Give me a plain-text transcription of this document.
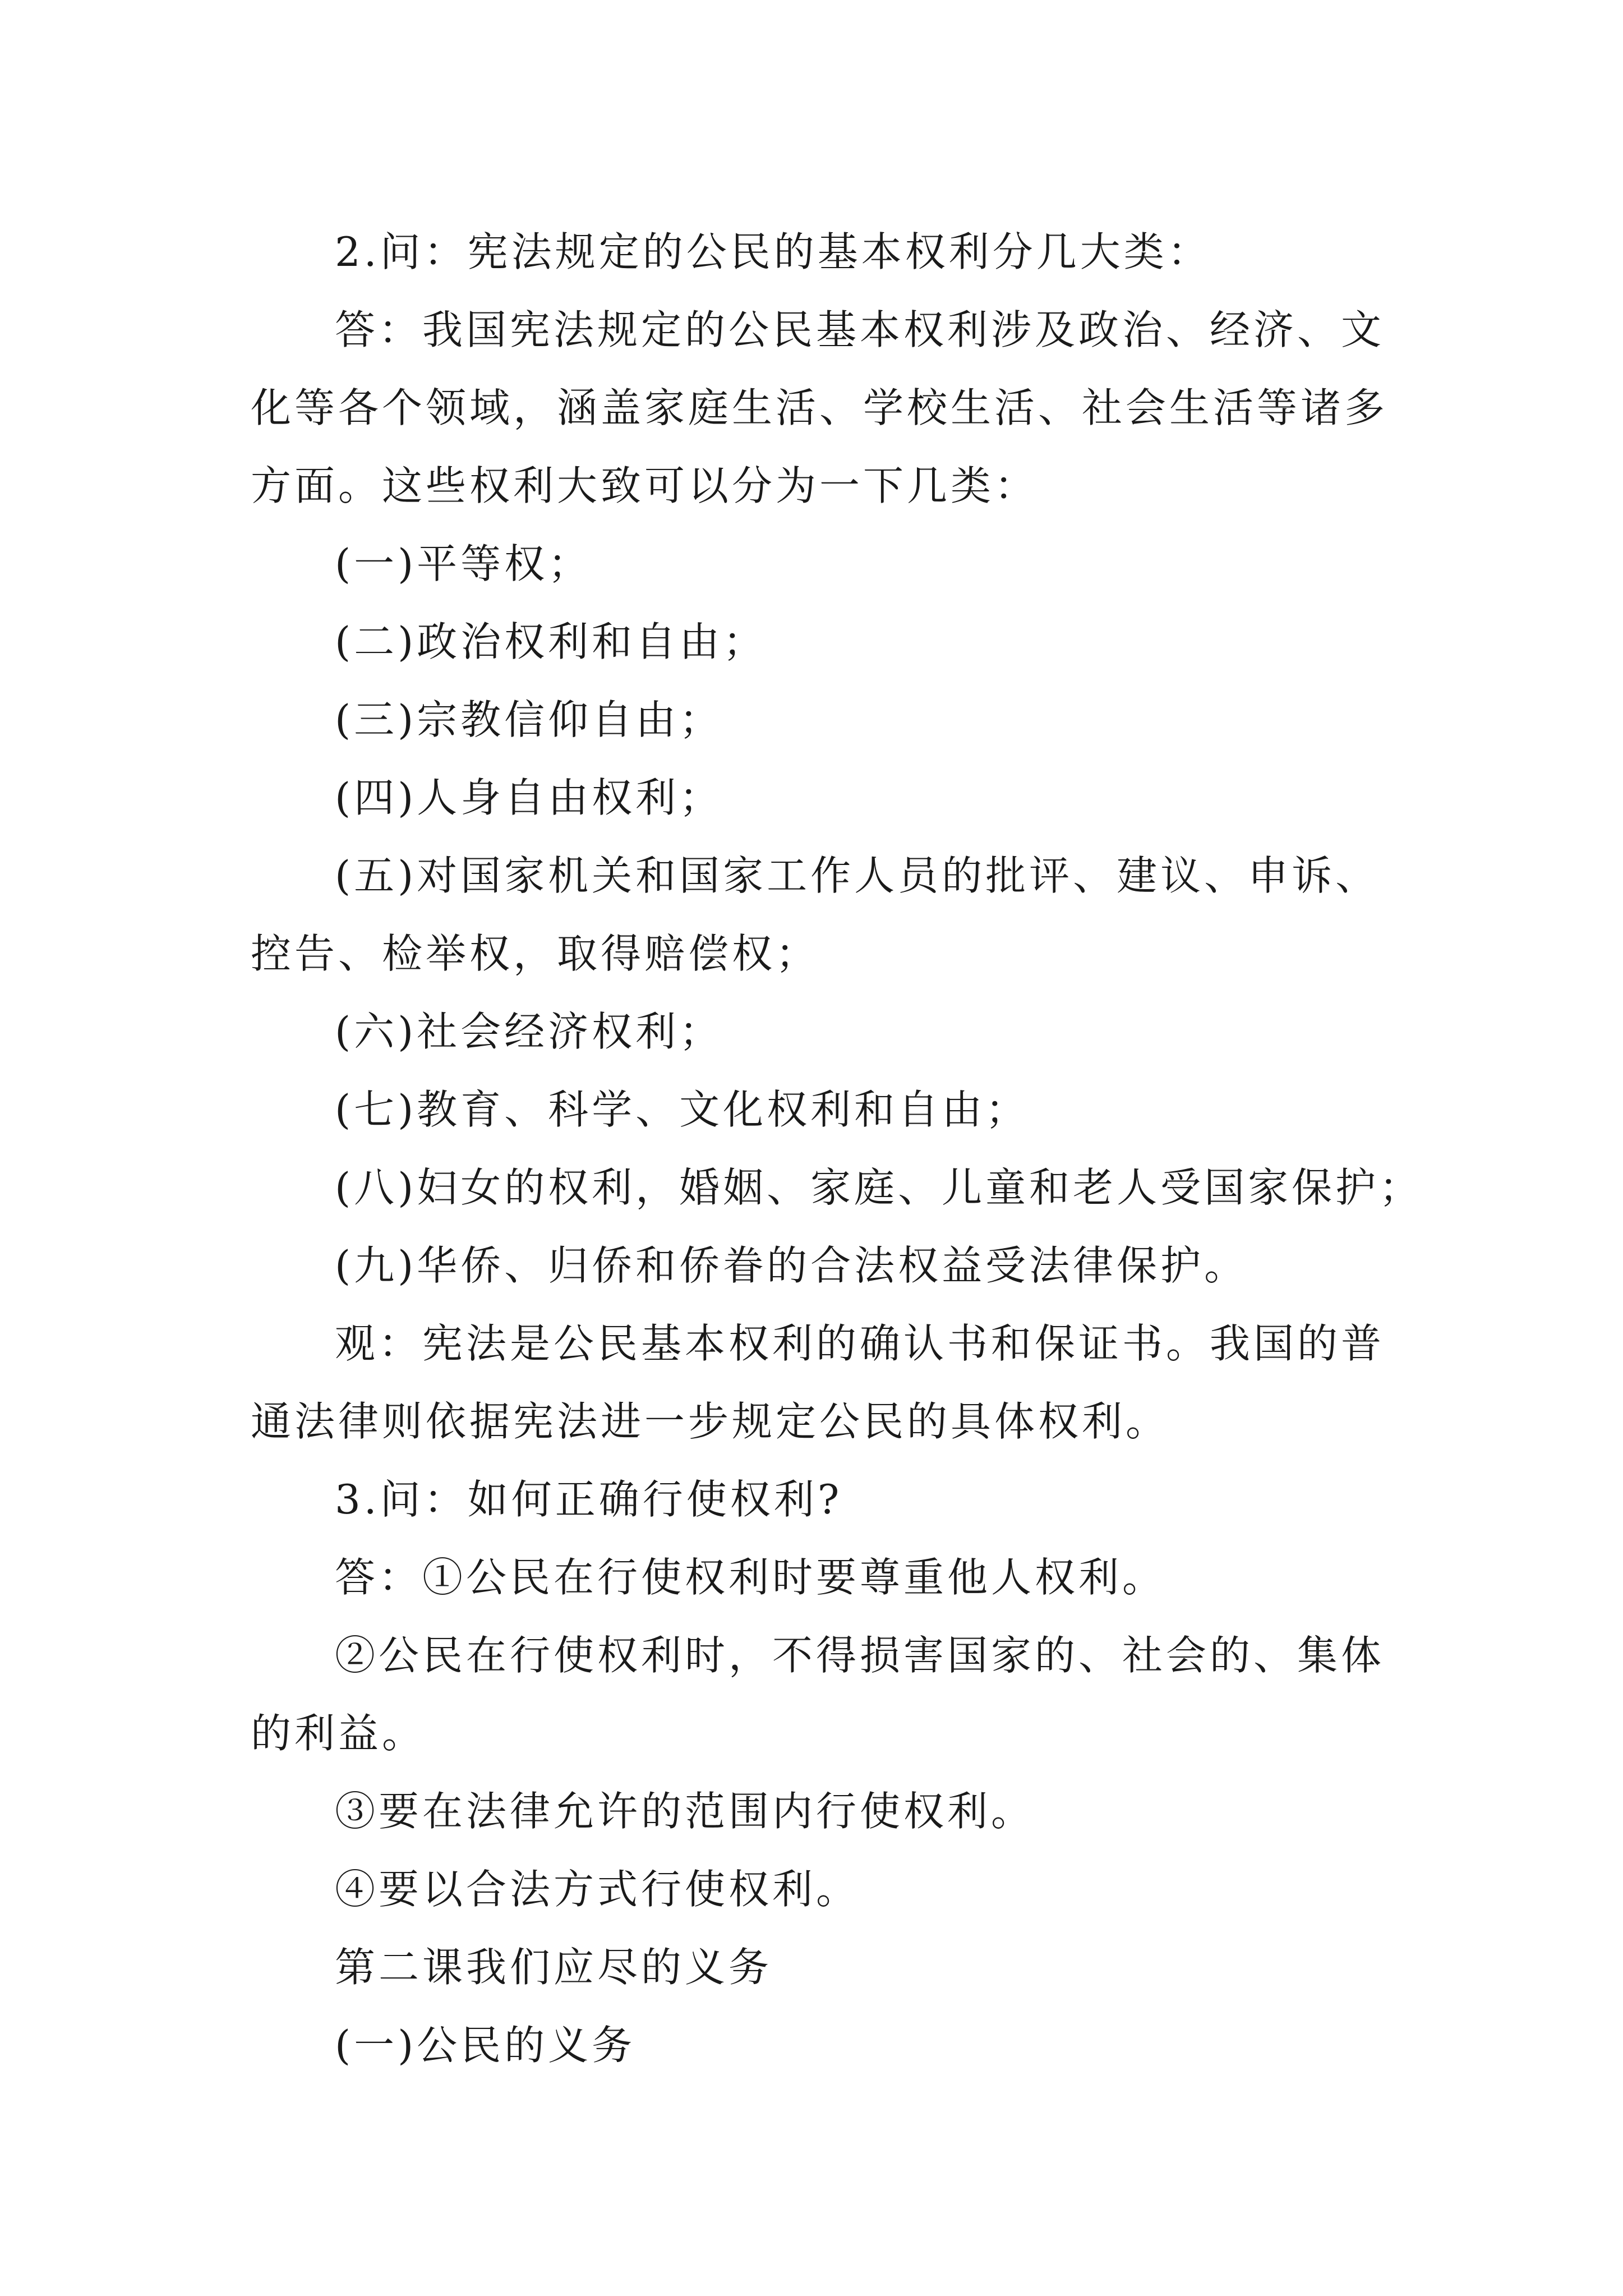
2.问：宪法规定的公民的基本权利分几大类：

答：我国宪法规定的公民基本权利涉及政治、经济、文化等各个领域，涵盖家庭生活、学校生活、社会生活等诸多方面。这些权利大致可以分为一下几类：

(一)平等权；

(二)政治权利和自由；

(三)宗教信仰自由；

(四)人身自由权利；

(五)对国家机关和国家工作人员的批评、建议、申诉、控告、检举权，取得赔偿权；

(六)社会经济权利；

(七)教育、科学、文化权利和自由；

(八)妇女的权利，婚姻、家庭、儿童和老人受国家保护；

(九)华侨、归侨和侨眷的合法权益受法律保护。

观：宪法是公民基本权利的确认书和保证书。我国的普通法律则依据宪法进一步规定公民的具体权利。

3.问：如何正确行使权利?

答：①公民在行使权利时要尊重他人权利。

②公民在行使权利时，不得损害国家的、社会的、集体的利益。

③要在法律允许的范围内行使权利。

④要以合法方式行使权利。

第二课我们应尽的义务

(一)公民的义务
